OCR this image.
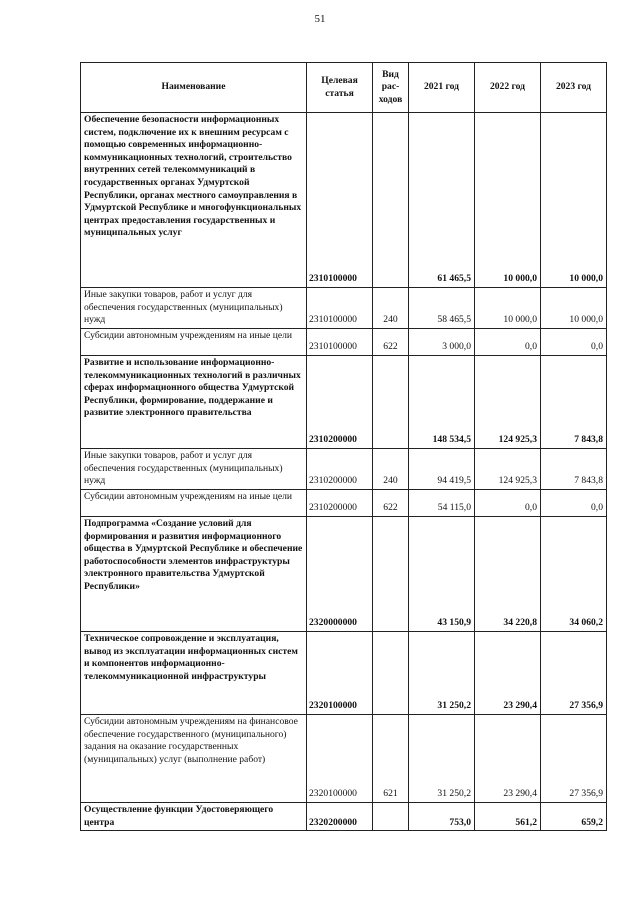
51
Наименование	Целевая статья	Вид рас-ходов	2021 год	2022 год	2023 год
Обеспечение безопасности информационных систем, подключение их к внешним ресурсам с помощью современных информационно-коммуникационных технологий, строительство внутренних сетей телекоммуникаций в государственных органах Удмуртской Республики, органах местного самоуправления в Удмуртской Республике и многофункциональных центрах предоставления государственных и муниципальных услуг	2310100000		61 465,5	10 000,0	10 000,0
Иные закупки товаров, работ и услуг для обеспечения государственных (муниципальных) нужд	2310100000	240	58 465,5	10 000,0	10 000,0
Субсидии автономным учреждениям на иные цели	2310100000	622	3 000,0	0,0	0,0
Развитие и использование информационно-телекоммуникационных технологий в различных сферах информационного общества Удмуртской Республики, формирование, поддержание и развитие электронного правительства	2310200000		148 534,5	124 925,3	7 843,8
Иные закупки товаров, работ и услуг для обеспечения государственных (муниципальных) нужд	2310200000	240	94 419,5	124 925,3	7 843,8
Субсидии автономным учреждениям на иные цели	2310200000	622	54 115,0	0,0	0,0
Подпрограмма «Создание условий для формирования и развития информационного общества в Удмуртской Республике и обеспечение работоспособности элементов инфраструктуры электронного правительства Удмуртской Республики»	2320000000		43 150,9	34 220,8	34 060,2
Техническое сопровождение и эксплуатация, вывод из эксплуатации информационных систем и компонентов информационно-телекоммуникационной инфраструктуры	2320100000		31 250,2	23 290,4	27 356,9
Субсидии автономным учреждениям на финансовое обеспечение государственного (муниципального) задания на оказание государственных (муниципальных) услуг (выполнение работ)	2320100000	621	31 250,2	23 290,4	27 356,9
Осуществление функции Удостоверяющего центра	2320200000		753,0	561,2	659,2
